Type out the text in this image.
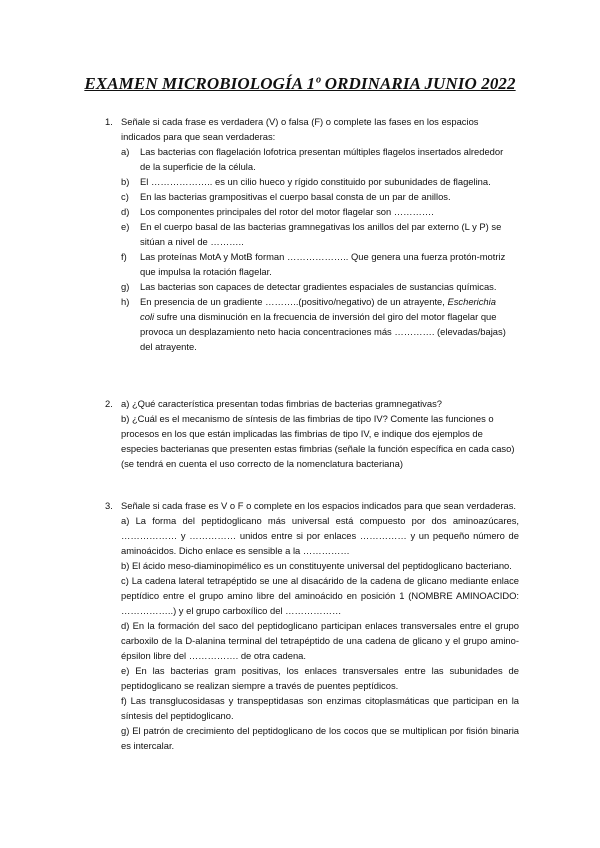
EXAMEN MICROBIOLOGÍA 1º ORDINARIA JUNIO 2022
1. Señale si cada frase es verdadera (V) o falsa (F) o complete las fases en los espacios indicados para que sean verdaderas:

a) Las bacterias con flagelación lofotrica presentan múltiples flagelos insertados alrededor de la superficie de la célula.
b) El ……………….. es un cilio hueco y rígido constituido por subunidades de flagelina.
c) En las bacterias grampositivas el cuerpo basal consta de un par de anillos.
d) Los componentes principales del rotor del motor flagelar son ………….
e) En el cuerpo basal de las bacterias gramnegativas los anillos del par externo (L y P) se sitúan a nivel de ………..
f) Las proteínas MotA y MotB forman ……………….. Que genera una fuerza protón-motriz que impulsa la rotación flagelar.
g) Las bacterias son capaces de detectar gradientes espaciales de sustancias químicas.
h) En presencia de un gradiente ………..(positivo/negativo) de un atrayente, Escherichia coli sufre una disminución en la frecuencia de inversión del giro del motor flagelar que provoca un desplazamiento neto hacia concentraciones más …………. (elevadas/bajas) del atrayente.
2. a) ¿Qué característica presentan todas fimbrias de bacterias gramnegativas?

b) ¿Cuál es el mecanismo de síntesis de las fimbrias de tipo IV? Comente las funciones o procesos en los que están implicadas las fimbrias de tipo IV, e indique dos ejemplos de especies bacterianas que presenten estas fimbrias (señale la función específica en cada caso) (se tendrá en cuenta el uso correcto de la nomenclatura bacteriana)

3. Señale si cada frase es V o F o complete en los espacios indicados para que sean verdaderas.

a) La forma del peptidoglicano más universal está compuesto por dos aminoazúcares, ……………… y …………… unidos entre si por enlaces …………… y un pequeño número de aminoácidos. Dicho enlace es sensible a la ……………

b) El ácido meso-diaminopimélico es un constituyente universal del peptidoglicano bacteriano.

c) La cadena lateral tetrapéptido se une al disacárido de la cadena de glicano mediante enlace peptídico entre el grupo amino libre del aminoácido en posición 1 (NOMBRE AMINOACIDO: ……………..) y el grupo carboxílico del ………………

d) En la formación del saco del peptidoglicano participan enlaces transversales entre el grupo carboxilo de la D-alanina terminal del tetrapéptido de una cadena de glicano y el grupo amino-épsilon libre del ……………. de otra cadena.

e) En las bacterias gram positivas, los enlaces transversales entre las subunidades de peptidoglicano se realizan siempre a través de puentes peptídicos.

f) Las transglucosidasas y transpeptidasas son enzimas citoplasmáticas que participan en la síntesis del peptidoglicano.

g) El patrón de crecimiento del peptidoglicano de los cocos que se multiplican por fisión binaria es intercalar.
